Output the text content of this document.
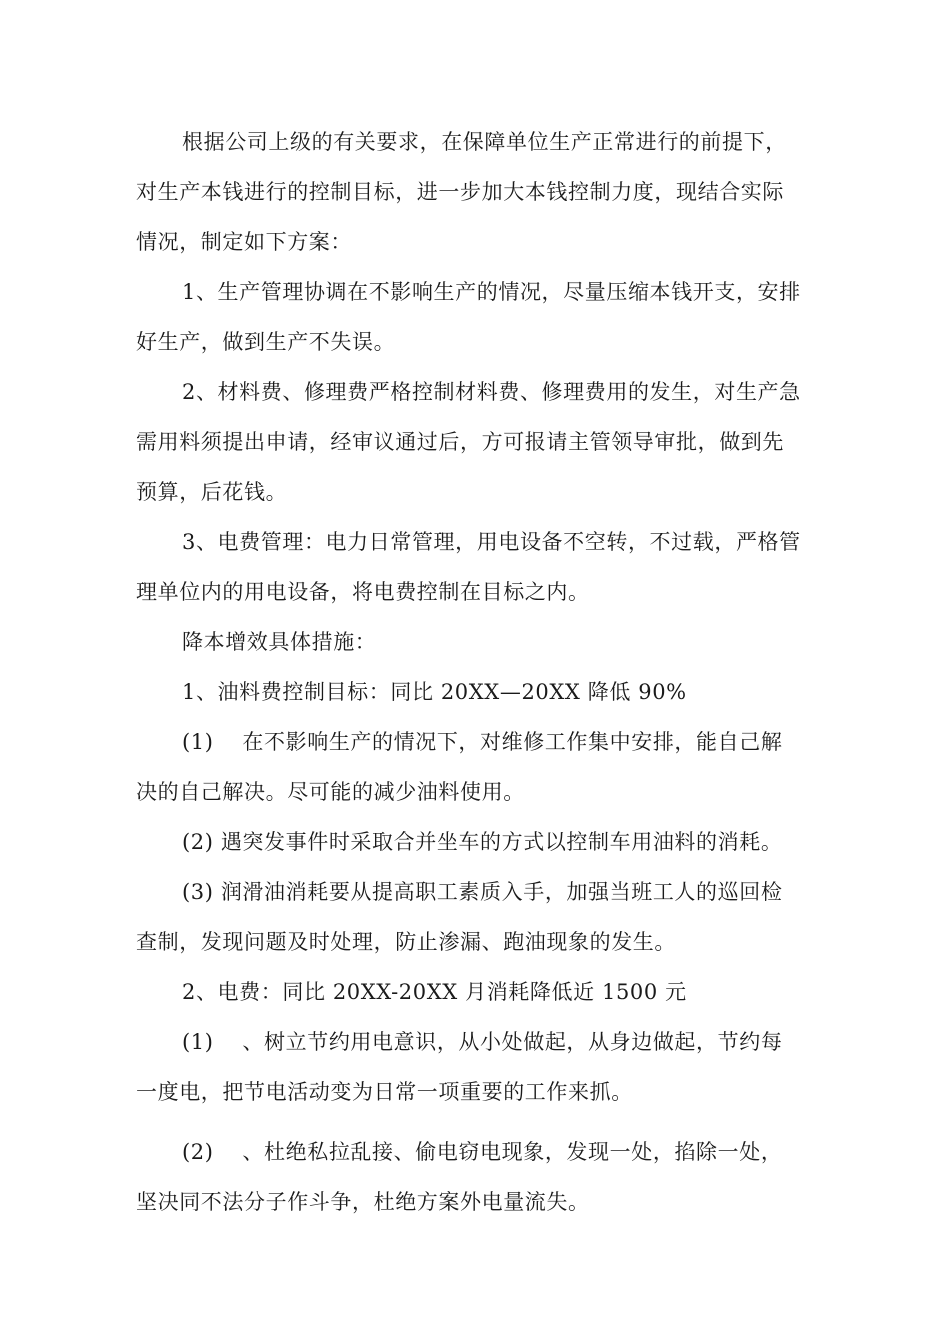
根据公司上级的有关要求，在保障单位生产正常进行的前提下，
对生产本钱进行的控制目标，进一步加大本钱控制力度，现结合实际
情况，制定如下方案：
1、生产管理协调在不影响生产的情况，尽量压缩本钱开支，安排
好生产，做到生产不失误。
2、材料费、修理费严格控制材料费、修理费用的发生，对生产急
需用料须提出申请，经审议通过后，方可报请主管领导审批，做到先
预算，后花钱。
3、电费管理：电力日常管理，用电设备不空转，不过载，严格管
理单位内的用电设备，将电费控制在目标之内。
降本增效具体措施：
1、油料费控制目标：同比 20XX—20XX 降低 90%
(1)　 在不影响生产的情况下，对维修工作集中安排，能自己解
决的自己解决。尽可能的减少油料使用。
(2) 遇突发事件时采取合并坐车的方式以控制车用油料的消耗。
(3) 润滑油消耗要从提高职工素质入手，加强当班工人的巡回检
查制，发现问题及时处理，防止渗漏、跑油现象的发生。
2、电费：同比 20XX-20XX 月消耗降低近 1500 元
(1)　 、树立节约用电意识，从小处做起，从身边做起，节约每
一度电，把节电活动变为日常一项重要的工作来抓。
(2)　 、杜绝私拉乱接、偷电窃电现象，发现一处，掐除一处，
坚决同不法分子作斗争，杜绝方案外电量流失。
